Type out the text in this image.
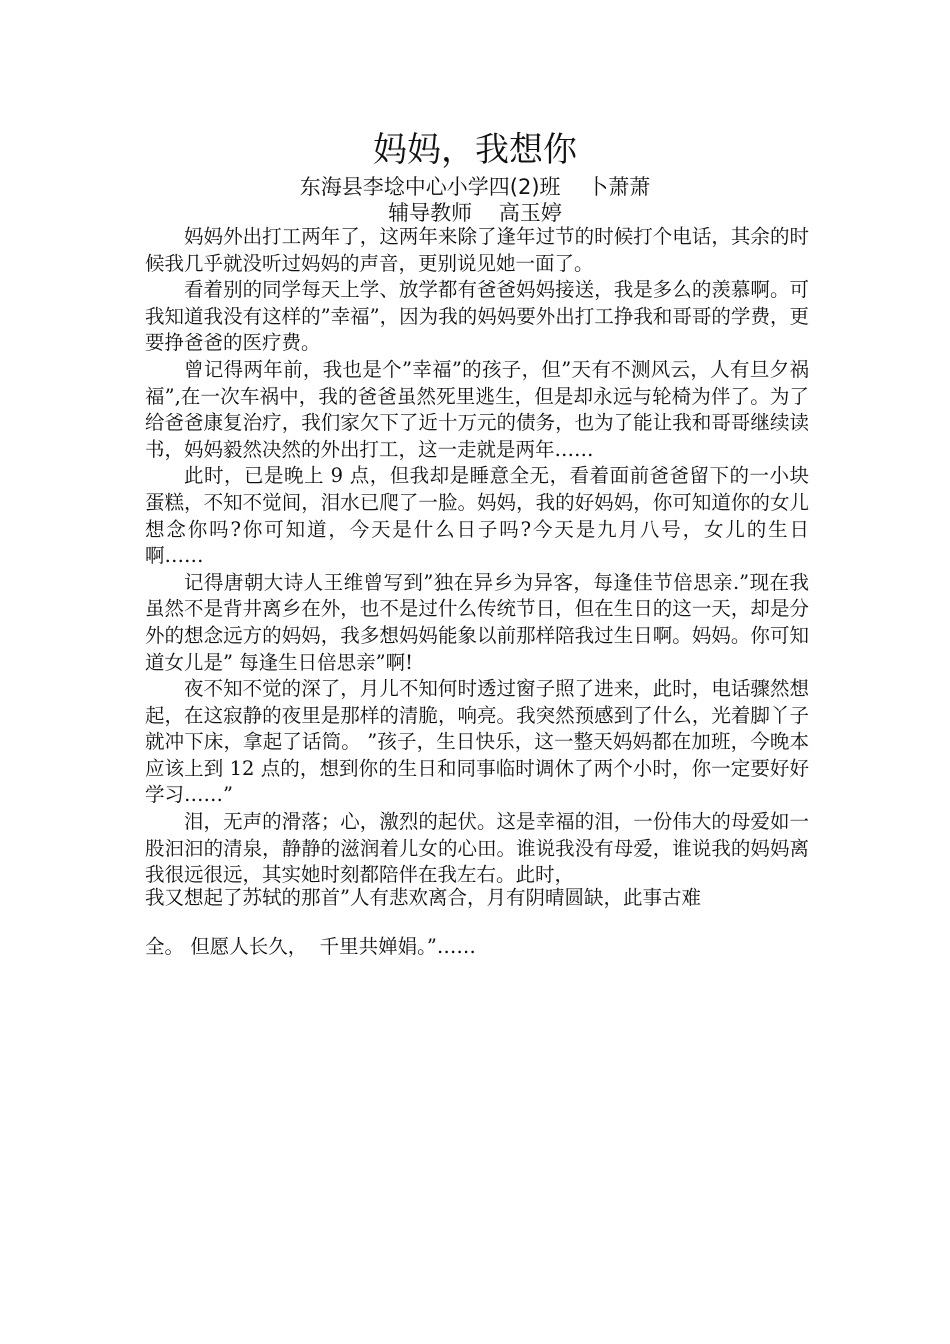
妈妈，我想你
东海县李埝中心小学四(2)班    卜萧萧
辅导教师    高玉婷

妈妈外出打工两年了，这两年来除了逢年过节的时候打个电话，其余的时候我几乎就没听过妈妈的声音，更别说见她一面了。

看着别的同学每天上学、放学都有爸爸妈妈接送，我是多么的羡慕啊。可我知道我没有这样的”幸福”，因为我的妈妈要外出打工挣我和哥哥的学费，更要挣爸爸的医疗费。

曾记得两年前，我也是个”幸福”的孩子，但”天有不测风云，人有旦夕祸福”,在一次车祸中，我的爸爸虽然死里逃生，但是却永远与轮椅为伴了。为了给爸爸康复治疗，我们家欠下了近十万元的债务，也为了能让我和哥哥继续读书，妈妈毅然决然的外出打工，这一走就是两年……

此时，已是晚上 9 点，但我却是睡意全无，看着面前爸爸留下的一小块蛋糕，不知不觉间，泪水已爬了一脸。妈妈，我的好妈妈，你可知道你的女儿想念你吗?你可知道，今天是什么日子吗?今天是九月八号，女儿的生日啊……

记得唐朝大诗人王维曾写到”独在异乡为异客，每逢佳节倍思亲.”现在我虽然不是背井离乡在外，也不是过什么传统节日，但在生日的这一天，却是分外的想念远方的妈妈，我多想妈妈能象以前那样陪我过生日啊。妈妈。你可知道女儿是” 每逢生日倍思亲”啊!

夜不知不觉的深了，月儿不知何时透过窗子照了进来，此时，电话骤然想起，在这寂静的夜里是那样的清脆，响亮。我突然预感到了什么，光着脚丫子就冲下床，拿起了话筒。 ”孩子，生日快乐，这一整天妈妈都在加班，今晚本应该上到 12 点的，想到你的生日和同事临时调休了两个小时，你一定要好好学习……”

泪，无声的滑落；心，激烈的起伏。这是幸福的泪，一份伟大的母爱如一股汩汩的清泉，静静的滋润着儿女的心田。谁说我没有母爱，谁说我的妈妈离我很远很远，其实她时刻都陪伴在我左右。此时，

我又想起了苏轼的那首”人有悲欢离合，月有阴晴圆缺，此事古难
全。 但愿人长久，  千里共婵娟。”……
